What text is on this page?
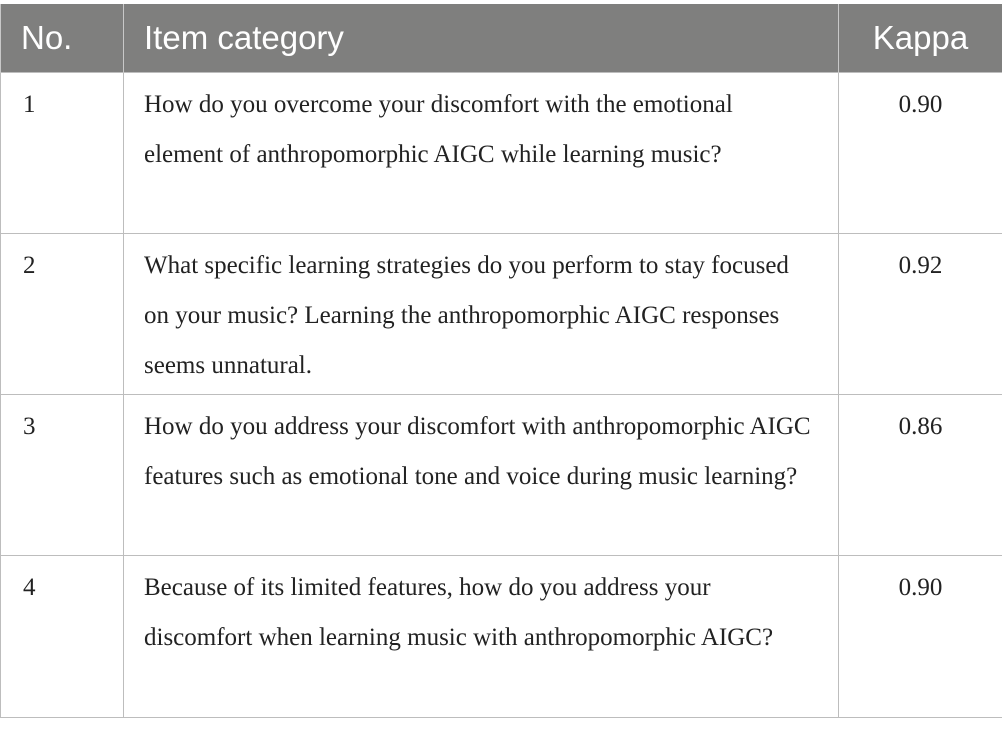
No.	Item category	Kappa
1	How do you overcome your discomfort with the emotional element of anthropomorphic AIGC while learning music?	0.90
2	What specific learning strategies do you perform to stay focused on your music? Learning the anthropomorphic AIGC responses seems unnatural.	0.92
3	How do you address your discomfort with anthropomorphic AIGC features such as emotional tone and voice during music learning?	0.86
4	Because of its limited features, how do you address your discomfort when learning music with anthropomorphic AIGC?	0.90
